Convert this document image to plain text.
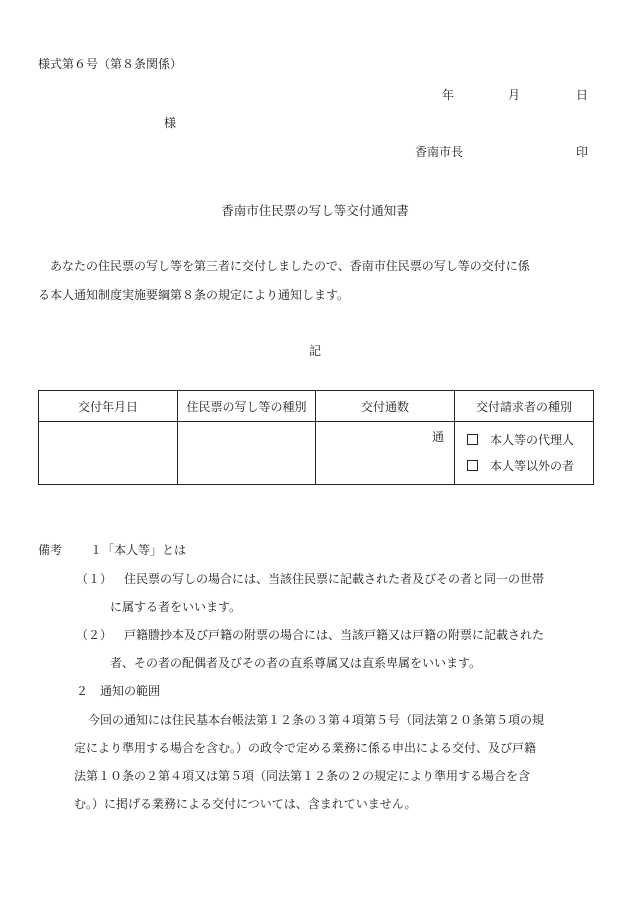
様式第６号（第８条関係）
年	月	日
様
香南市長	印
香南市住民票の写し等交付通知書
　あなたの住民票の写し等を第三者に交付しましたので、香南市住民票の写し等の交付に係
る本人通知制度実施要綱第８条の規定により通知します。
記
交付年月日	住民票の写し等の種別	交付通数	交付請求者の種別
		通	本人等の代理人
本人等以外の者
備考 １「本人等」とは
（１） 住民票の写しの場合には、当該住民票に記載された者及びその者と同一の世帯
に属する者をいいます。
（２） 戸籍謄抄本及び戸籍の附票の場合には、当該戸籍又は戸籍の附票に記載された
者、その者の配偶者及びその者の直系尊属又は直系卑属をいいます。
２　通知の範囲
今回の通知には住民基本台帳法第１２条の３第４項第５号（同法第２０条第５項の規
定により準用する場合を含む。）の政令で定める業務に係る申出による交付、及び戸籍
法第１０条の２第４項又は第５項（同法第１２条の２の規定により準用する場合を含
む。）に掲げる業務による交付については、含まれていません。
